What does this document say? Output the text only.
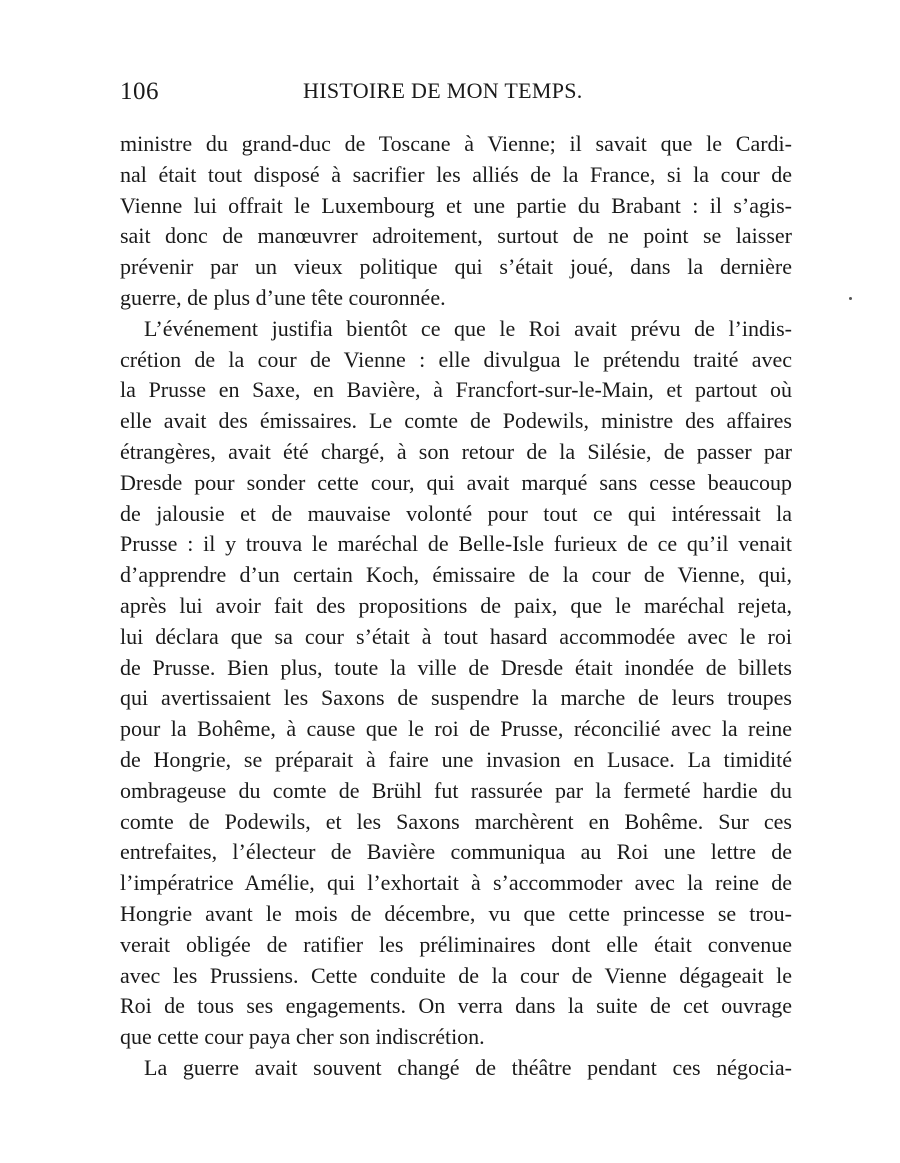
106	HISTOIRE DE MON TEMPS.
ministre du grand-duc de Toscane à Vienne; il savait que le Cardi-
nal était tout disposé à sacrifier les alliés de la France, si la cour de
Vienne lui offrait le Luxembourg et une partie du Brabant : il s’agis-
sait donc de manœuvrer adroitement, surtout de ne point se laisser
prévenir par un vieux politique qui s’était joué, dans la dernière
guerre, de plus d’une tête couronnée.
L’événement justifia bientôt ce que le Roi avait prévu de l’indis-
crétion de la cour de Vienne : elle divulgua le prétendu traité avec
la Prusse en Saxe, en Bavière, à Francfort-sur-le-Main, et partout où
elle avait des émissaires. Le comte de Podewils, ministre des affaires
étrangères, avait été chargé, à son retour de la Silésie, de passer par
Dresde pour sonder cette cour, qui avait marqué sans cesse beaucoup
de jalousie et de mauvaise volonté pour tout ce qui intéressait la
Prusse : il y trouva le maréchal de Belle-Isle furieux de ce qu’il venait
d’apprendre d’un certain Koch, émissaire de la cour de Vienne, qui,
après lui avoir fait des propositions de paix, que le maréchal rejeta,
lui déclara que sa cour s’était à tout hasard accommodée avec le roi
de Prusse. Bien plus, toute la ville de Dresde était inondée de billets
qui avertissaient les Saxons de suspendre la marche de leurs troupes
pour la Bohême, à cause que le roi de Prusse, réconcilié avec la reine
de Hongrie, se préparait à faire une invasion en Lusace. La timidité
ombrageuse du comte de Brühl fut rassurée par la fermeté hardie du
comte de Podewils, et les Saxons marchèrent en Bohême. Sur ces
entrefaites, l’électeur de Bavière communiqua au Roi une lettre de
l’impératrice Amélie, qui l’exhortait à s’accommoder avec la reine de
Hongrie avant le mois de décembre, vu que cette princesse se trou-
verait obligée de ratifier les préliminaires dont elle était convenue
avec les Prussiens. Cette conduite de la cour de Vienne dégageait le
Roi de tous ses engagements. On verra dans la suite de cet ouvrage
que cette cour paya cher son indiscrétion.
La guerre avait souvent changé de théâtre pendant ces négocia-
